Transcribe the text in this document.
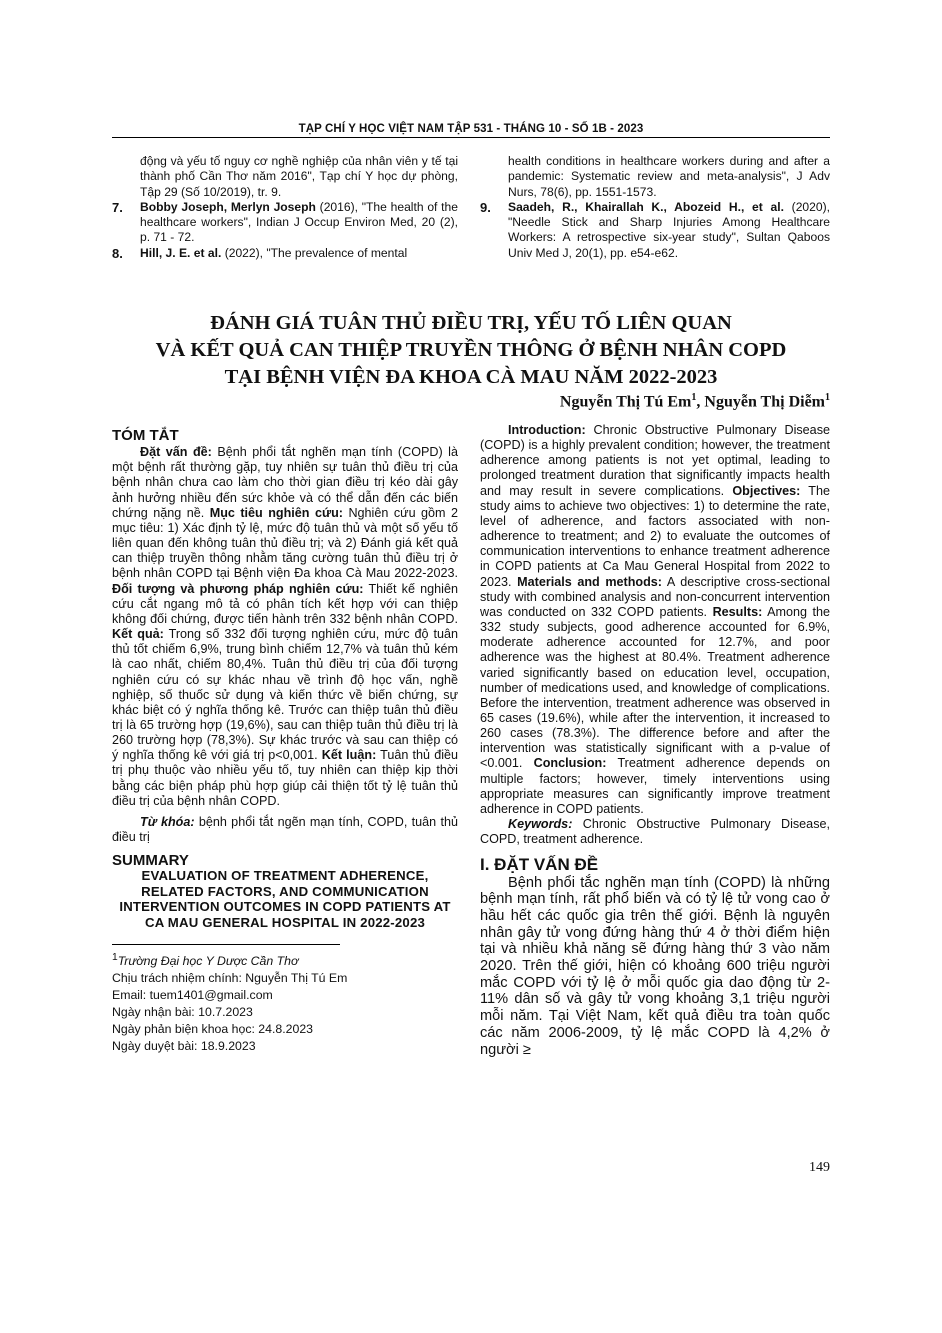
TẠP CHÍ Y HỌC VIỆT NAM TẬP 531 - THÁNG 10 - SỐ 1B - 2023
động và yếu tố nguy cơ nghề nghiệp của nhân viên y tế tại thành phố Cần Thơ năm 2016", Tạp chí Y học dự phòng, Tập 29 (Số 10/2019), tr. 9.
7.	Bobby Joseph, Merlyn Joseph (2016), "The health of the healthcare workers", Indian J Occup Environ Med, 20 (2), p. 71 - 72.
8.	Hill, J. E. et al. (2022), "The prevalence of mental
health conditions in healthcare workers during and after a pandemic: Systematic review and meta-analysis", J Adv Nurs, 78(6), pp. 1551-1573.
9.	Saadeh, R., Khairallah K., Abozeid H., et al. (2020), "Needle Stick and Sharp Injuries Among Healthcare Workers: A retrospective six-year study", Sultan Qaboos Univ Med J, 20(1), pp. e54-e62.
ĐÁNH GIÁ TUÂN THỦ ĐIỀU TRỊ, YẾU TỐ LIÊN QUAN
VÀ KẾT QUẢ CAN THIỆP TRUYỀN THÔNG Ở BỆNH NHÂN COPD
TẠI BỆNH VIỆN ĐA KHOA CÀ MAU NĂM 2022-2023
Nguyễn Thị Tú Em$^1$, Nguyễn Thị Diễm$^1$
TÓM TẮT
Đặt vấn đề: Bệnh phổi tắt nghẽn mạn tính (COPD) là một bệnh rất thường gặp, tuy nhiên sự tuân thủ điều trị của bệnh nhân chưa cao làm cho thời gian điều trị kéo dài gây ảnh hưởng nhiều đến sức khỏe và có thể dẫn đến các biến chứng nặng nề. Mục tiêu nghiên cứu: Nghiên cứu gồm 2 mục tiêu: 1) Xác định tỷ lệ, mức độ tuân thủ và một số yếu tố liên quan đến không tuân thủ điều trị; và 2) Đánh giá kết quả can thiệp truyền thông nhằm tăng cường tuân thủ điều trị ở bệnh nhân COPD tại Bệnh viện Đa khoa Cà Mau 2022-2023. Đối tượng và phương pháp nghiên cứu: Thiết kế nghiên cứu cắt ngang mô tả có phân tích kết hợp với can thiệp không đối chứng, được tiến hành trên 332 bệnh nhân COPD. Kết quả: Trong số 332 đối tượng nghiên cứu, mức độ tuân thủ tốt chiếm 6,9%, trung bình chiếm 12,7% và tuân thủ kém là cao nhất, chiếm 80,4%. Tuân thủ điều trị của đối tượng nghiên cứu có sự khác nhau về trình độ học vấn, nghề nghiệp, số thuốc sử dụng và kiến thức về biến chứng, sự khác biệt có ý nghĩa thống kê. Trước can thiệp tuân thủ điều trị là 65 trường hợp (19,6%), sau can thiệp tuân thủ điều trị là 260 trường hợp (78,3%). Sự khác trước và sau can thiệp có ý nghĩa thống kê với giá trị p<0,001. Kết luận: Tuân thủ điều trị phụ thuộc vào nhiều yếu tố, tuy nhiên can thiệp kịp thời bằng các biện pháp phù hợp giúp cải thiện tốt tỷ lệ tuân thủ điều trị của bệnh nhân COPD.
Từ khóa: bệnh phổi tắt ngẽn mạn tính, COPD, tuân thủ điều trị
SUMMARY
EVALUATION OF TREATMENT ADHERENCE, RELATED FACTORS, AND COMMUNICATION INTERVENTION OUTCOMES IN COPD PATIENTS AT CA MAU GENERAL HOSPITAL IN 2022-2023
$^1$Trường Đại học Y Dược Cần Thơ
Chịu trách nhiệm chính: Nguyễn Thị Tú Em
Email: tuem1401@gmail.com
Ngày nhận bài: 10.7.2023
Ngày phản biện khoa học: 24.8.2023
Ngày duyệt bài: 18.9.2023
Introduction: Chronic Obstructive Pulmonary Disease (COPD) is a highly prevalent condition; however, the treatment adherence among patients is not yet optimal, leading to prolonged treatment duration that significantly impacts health and may result in severe complications. Objectives: The study aims to achieve two objectives: 1) to determine the rate, level of adherence, and factors associated with non-adherence to treatment; and 2) to evaluate the outcomes of communication interventions to enhance treatment adherence in COPD patients at Ca Mau General Hospital from 2022 to 2023. Materials and methods: A descriptive cross-sectional study with combined analysis and non-concurrent intervention was conducted on 332 COPD patients. Results: Among the 332 study subjects, good adherence accounted for 6.9%, moderate adherence accounted for 12.7%, and poor adherence was the highest at 80.4%. Treatment adherence varied significantly based on education level, occupation, number of medications used, and knowledge of complications. Before the intervention, treatment adherence was observed in 65 cases (19.6%), while after the intervention, it increased to 260 cases (78.3%). The difference before and after the intervention was statistically significant with a p-value of <0.001. Conclusion: Treatment adherence depends on multiple factors; however, timely interventions using appropriate measures can significantly improve treatment adherence in COPD patients.
Keywords: Chronic Obstructive Pulmonary Disease, COPD, treatment adherence.
I. ĐẶT VẤN ĐỀ
Bệnh phổi tắc nghẽn mạn tính (COPD) là những bệnh mạn tính, rất phổ biến và có tỷ lệ tử vong cao ở hầu hết các quốc gia trên thế giới. Bệnh là nguyên nhân gây tử vong đứng hàng thứ 4 ở thời điểm hiện tại và nhiều khả năng sẽ đứng hàng thứ 3 vào năm 2020. Trên thế giới, hiện có khoảng 600 triệu người mắc COPD với tỷ lệ ở mỗi quốc gia dao động từ 2-11% dân số và gây tử vong khoảng 3,1 triệu người mỗi năm. Tại Việt Nam, kết quả điều tra toàn quốc các năm 2006-2009, tỷ lệ mắc COPD là 4,2% ở người ≥
149
